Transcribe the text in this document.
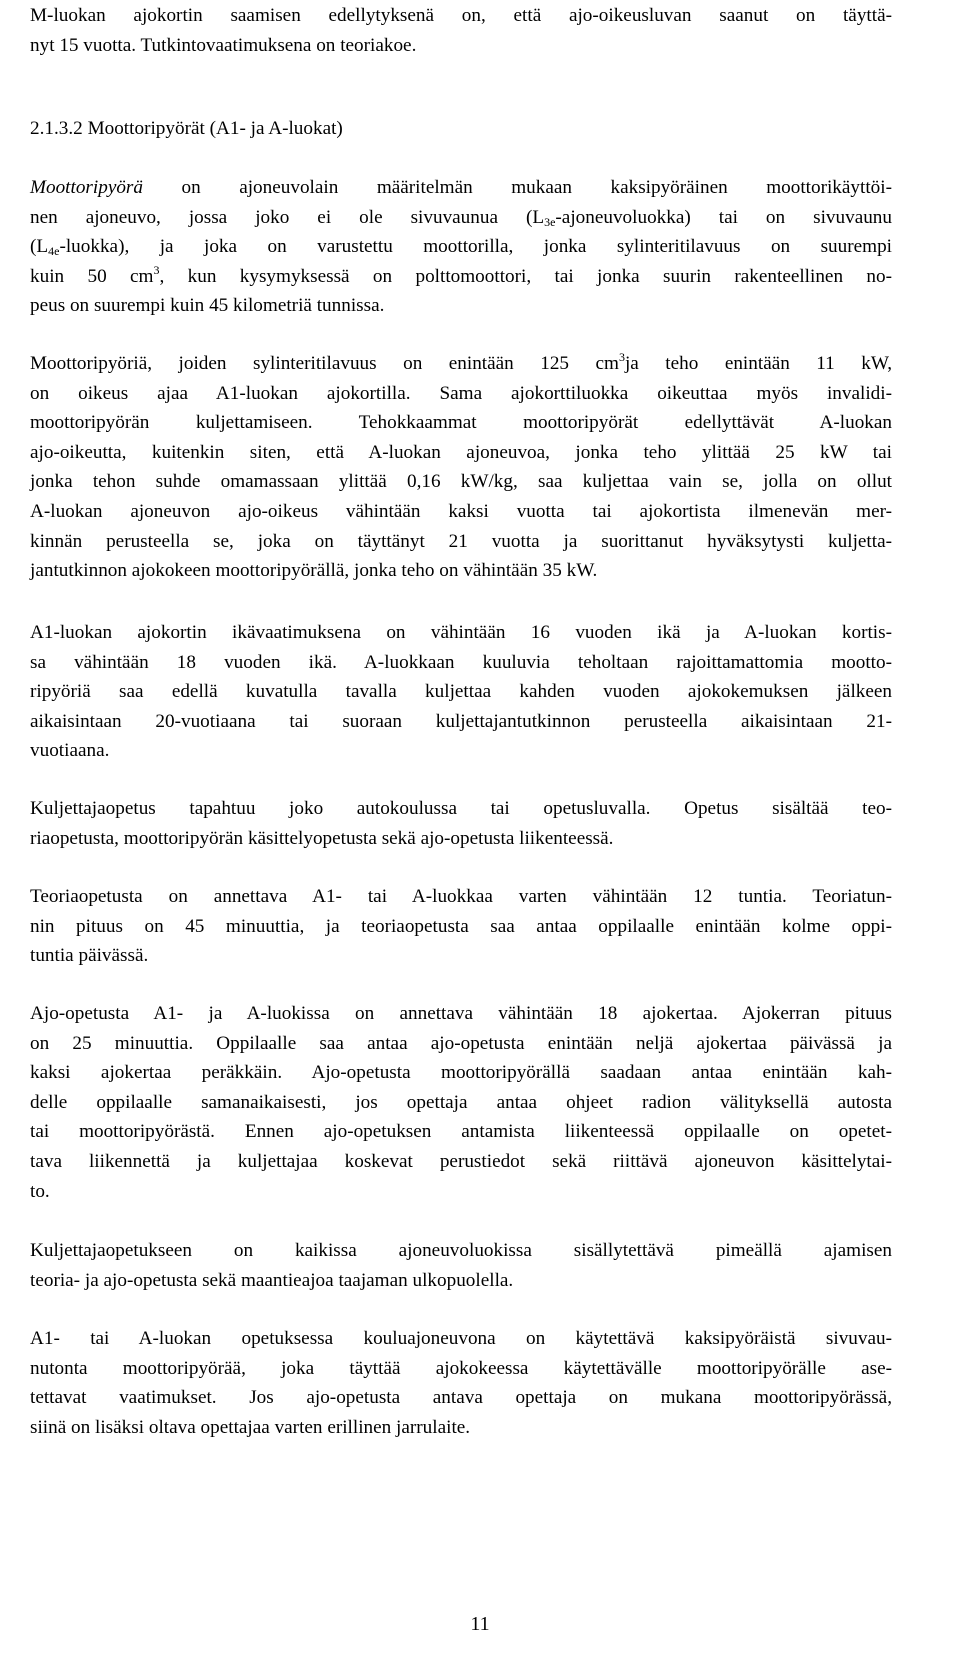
M-luokan ajokortin saamisen edellytyksenä on, että ajo-oikeusluvan saanut on täyttä-
nyt 15 vuotta. Tutkintovaatimuksena on teoriakoe.
2.1.3.2 Moottoripyörät (A1- ja A-luokat)
Moottoripyörä on ajoneuvolain määritelmän mukaan kaksipyöräinen moottorikäyttöi-
nen ajoneuvo, jossa joko ei ole sivuvaunua $(L_{3e}-ajoneuvoluokka)$ tai on sivuvaunu
$(L_{4e}-luokka)$, ja joka on varustettu moottorilla, jonka sylinteritilavuus on suurempi
kuin 50 $cm^3$, kun kysymyksessä on polttomoottori, tai jonka suurin rakenteellinen no-
peus on suurempi kuin 45 kilometriä tunnissa.
Moottoripyöriä, joiden sylinteritilavuus on enintään 125 $cm^3ja$ teho enintään 11 kW,
on oikeus ajaa A1-luokan ajokortilla. Sama ajokorttiluokka oikeuttaa myös invalidi-
moottoripyörän kuljettamiseen. Tehokkaammat moottoripyörät edellyttävät A-luokan
ajo-oikeutta, kuitenkin siten, että A-luokan ajoneuvoa, jonka teho ylittää 25 kW tai
jonka tehon suhde omamassaan ylittää 0,16 kW/kg, saa kuljettaa vain se, jolla on ollut
A-luokan ajoneuvon ajo-oikeus vähintään kaksi vuotta tai ajokortista ilmenevän mer-
kinnän perusteella se, joka on täyttänyt 21 vuotta ja suorittanut hyväksytysti kuljetta-
jantutkinnon ajokokeen moottoripyörällä, jonka teho on vähintään 35 kW.
A1-luokan ajokortin ikävaatimuksena on vähintään 16 vuoden ikä ja A-luokan kortis-
sa vähintään 18 vuoden ikä. A-luokkaan kuuluvia teholtaan rajoittamattomia mootto-
ripyöriä saa edellä kuvatulla tavalla kuljettaa kahden vuoden ajokokemuksen jälkeen
aikaisintaan 20-vuotiaana tai suoraan kuljettajantutkinnon perusteella aikaisintaan 21-
vuotiaana.
Kuljettajaopetus tapahtuu joko autokoulussa tai opetusluvalla. Opetus sisältää teo-
riaopetusta, moottoripyörän käsittelyopetusta sekä ajo-opetusta liikenteessä.
Teoriaopetusta on annettava A1- tai A-luokkaa varten vähintään 12 tuntia. Teoriatun-
nin pituus on 45 minuuttia, ja teoriaopetusta saa antaa oppilaalle enintään kolme oppi-
tuntia päivässä.
Ajo-opetusta A1- ja A-luokissa on annettava vähintään 18 ajokertaa. Ajokerran pituus
on 25 minuuttia. Oppilaalle saa antaa ajo-opetusta enintään neljä ajokertaa päivässä ja
kaksi ajokertaa peräkkäin. Ajo-opetusta moottoripyörällä saadaan antaa enintään kah-
delle oppilaalle samanaikaisesti, jos opettaja antaa ohjeet radion välityksellä autosta
tai moottoripyörästä. Ennen ajo-opetuksen antamista liikenteessä oppilaalle on opetet-
tava liikennettä ja kuljettajaa koskevat perustiedot sekä riittävä ajoneuvon käsittelytai-
to.
Kuljettajaopetukseen on kaikissa ajoneuvoluokissa sisällytettävä pimeällä ajamisen
teoria- ja ajo-opetusta sekä maantieajoa taajaman ulkopuolella.
A1- tai A-luokan opetuksessa kouluajoneuvona on käytettävä kaksipyöräistä sivuvau-
nutonta moottoripyörää, joka täyttää ajokokeessa käytettävälle moottoripyörälle ase-
tettavat vaatimukset. Jos ajo-opetusta antava opettaja on mukana moottoripyörässä,
siinä on lisäksi oltava opettajaa varten erillinen jarrulaite.
11
